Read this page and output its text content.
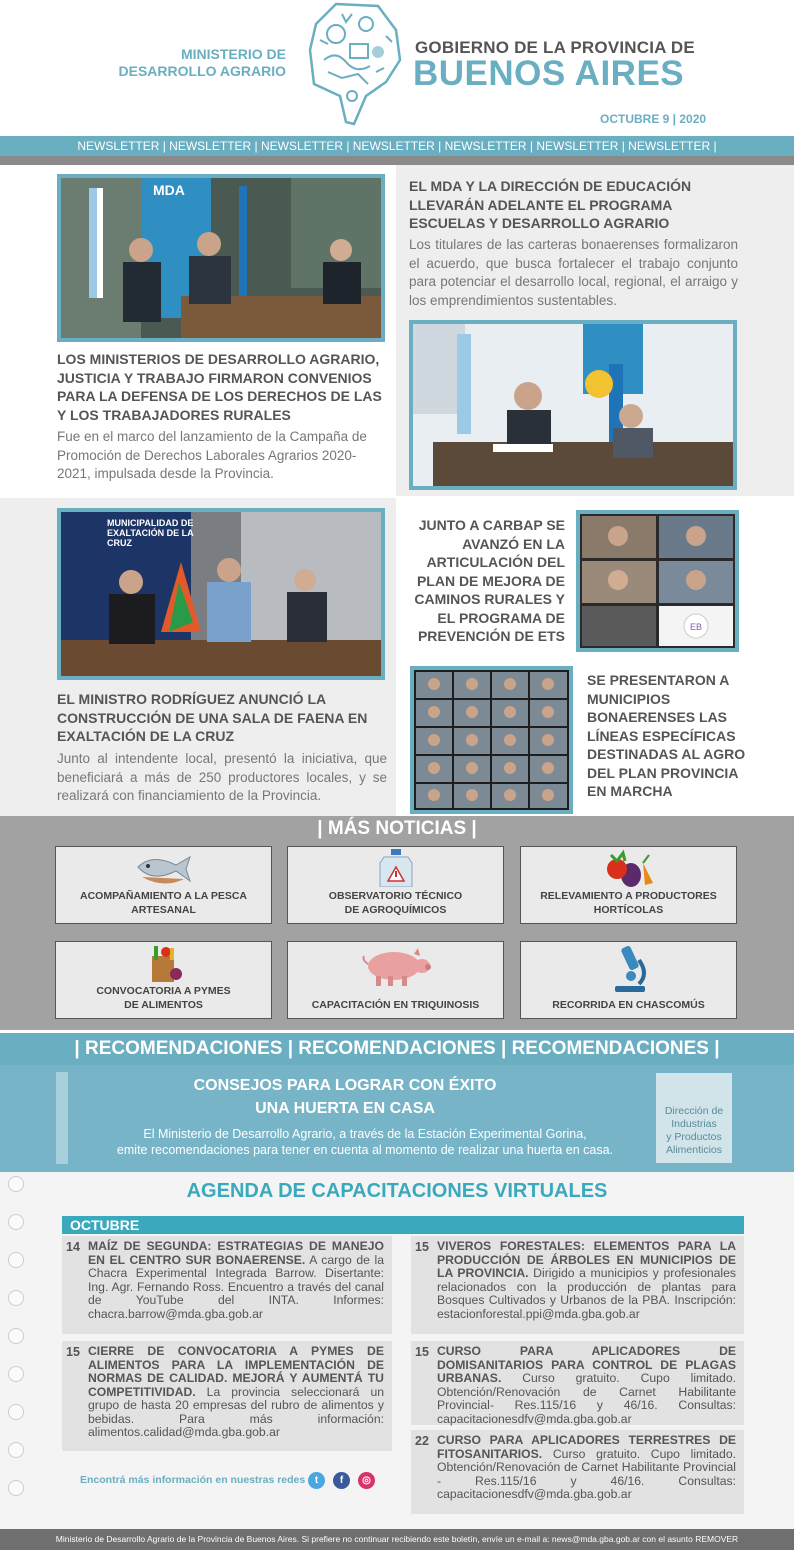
MINISTERIO DE
DESARROLLO AGRARIO
GOBIERNO DE LA PROVINCIA DE
BUENOS AIRES
OCTUBRE 9 | 2020
NEWSLETTER | NEWSLETTER | NEWSLETTER | NEWSLETTER | NEWSLETTER | NEWSLETTER | NEWSLETTER |
MDA
LOS MINISTERIOS DE DESARROLLO AGRARIO, JUSTICIA Y TRABAJO FIRMARON CONVENIOS PARA LA DEFENSA DE LOS DERECHOS DE LAS Y LOS TRABAJADORES RURALES
Fue en el marco del lanzamiento de la Campaña de Promoción de Derechos Laborales Agrarios 2020-2021, impulsada desde la Provincia.
EL MDA Y LA DIRECCIÓN DE EDUCACIÓN LLEVARÁN ADELANTE EL PROGRAMA ESCUELAS Y DESARROLLO AGRARIO
Los titulares de las carteras bonaerenses formalizaron el acuerdo, que busca fortalecer el trabajo conjunto para potenciar el desarrollo local, regional, el arraigo y los emprendimientos sustentables.
MUNICIPALIDAD DE EXALTACIÓN DE LA CRUZ
EL MINISTRO RODRÍGUEZ ANUNCIÓ LA CONSTRUCCIÓN DE UNA SALA DE FAENA EN EXALTACIÓN DE LA CRUZ
Junto al intendente local, presentó la iniciativa, que beneficiará a más de 250 productores locales, y se realizará con financiamiento de la Provincia.
JUNTO A CARBAP SE AVANZÓ EN LA ARTICULACIÓN DEL PLAN DE MEJORA DE CAMINOS RURALES Y EL PROGRAMA DE PREVENCIÓN DE ETS
EB
SE PRESENTARON A MUNICIPIOS BONAERENSES LAS LÍNEAS ESPECÍFICAS DESTINADAS AL AGRO DEL PLAN PROVINCIA EN MARCHA
| MÁS NOTICIAS |
ACOMPAÑAMIENTO A LA PESCA
ARTESANAL
OBSERVATORIO TÉCNICO
DE AGROQUÍMICOS
RELEVAMIENTO A PRODUCTORES
HORTÍCOLAS
CONVOCATORIA A PYMES
DE ALIMENTOS	CAPACITACIÓN EN TRIQUINOSIS	RECORRIDA EN CHASCOMÚS
| RECOMENDACIONES | RECOMENDACIONES | RECOMENDACIONES |
CONSEJOS PARA LOGRAR CON ÉXITO
UNA HUERTA EN CASA
El Ministerio de Desarrollo Agrario, a través de la Estación Experimental Gorina,
emite recomendaciones para tener en cuenta al momento de realizar una huerta en casa.
Dirección de
Industrias
y Productos
Alimenticios
AGENDA DE CAPACITACIONES VIRTUALES
OCTUBRE
14 MAÍZ DE SEGUNDA: ESTRATEGIAS DE MANEJO EN EL CENTRO SUR BONAERENSE. A cargo de la Chacra Experimental Integrada Barrow. Disertante: Ing. Agr. Fernando Ross. Encuentro a través del canal de YouTube del INTA. Informes: chacra.barrow@mda.gba.gob.ar
15 CIERRE DE CONVOCATORIA A PYMES DE ALIMENTOS PARA LA IMPLEMENTACIÓN DE NORMAS DE CALIDAD. MEJORÁ Y AUMENTÁ TU COMPETITIVIDAD. La provincia seleccionará un grupo de hasta 20 empresas del rubro de alimentos y bebidas. Para más información: alimentos.calidad@mda.gba.gob.ar
15 VIVEROS FORESTALES: ELEMENTOS PARA LA PRODUCCIÓN DE ÁRBOLES EN MUNICIPIOS DE LA PROVINCIA. Dirigido a municipios y profesionales relacionados con la producción de plantas para Bosques Cultivados y Urbanos de la PBA. Inscripción: estacionforestal.ppi@mda.gba.gob.ar
15 CURSO PARA APLICADORES DE DOMISANITARIOS PARA CONTROL DE PLAGAS URBANAS. Curso gratuito. Cupo limitado. Obtención/Renovación de Carnet Habilitante Provincial- Res.115/16 y 46/16. Consultas: capacitacionesdfv@mda.gba.gob.ar
22 CURSO PARA APLICADORES TERRESTRES DE FITOSANITARIOS. Curso gratuito. Cupo limitado. Obtención/Renovación de Carnet Habilitante Provincial - Res.115/16 y 46/16. Consultas: capacitacionesdfv@mda.gba.gob.ar
Encontrá más información en nuestras redes t	f	◎
Ministerio de Desarrollo Agrario de la Provincia de Buenos Aires. Si prefiere no continuar recibiendo este boletín, envíe un e-mail a: news@mda.gba.gob.ar con el asunto REMOVER
